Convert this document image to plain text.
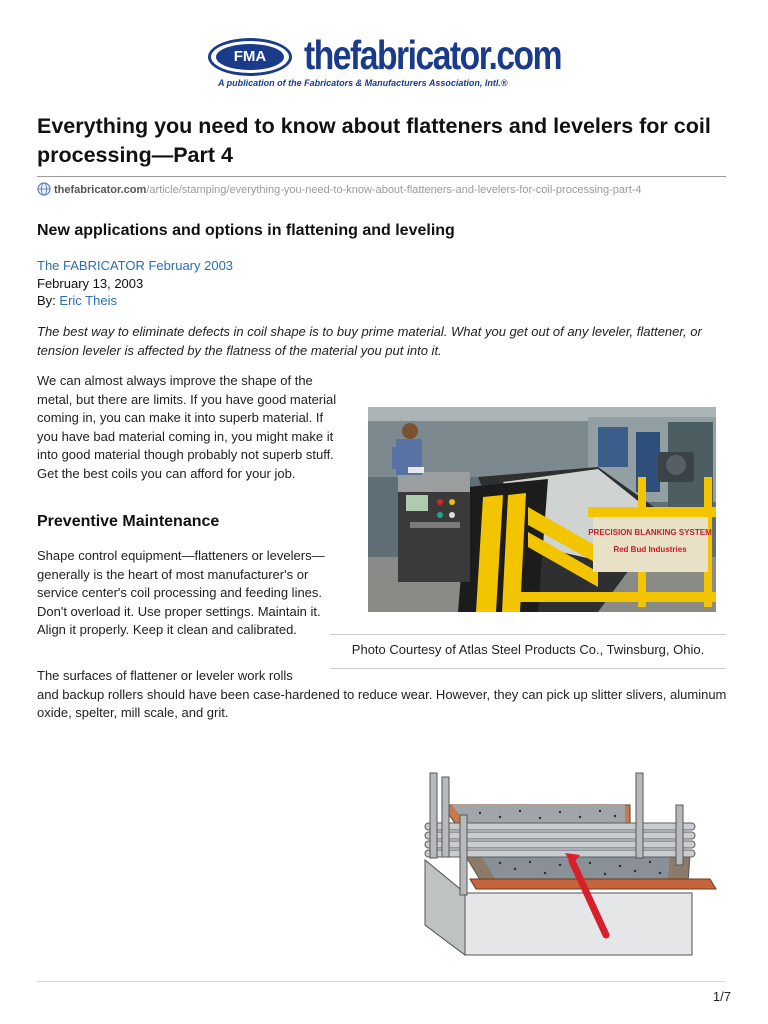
FMA thefabricator.com
A publication of the Fabricators & Manufacturers Association, Intl.®
Everything you need to know about flatteners and levelers for coil processing—Part 4
thefabricator.com/article/stamping/everything-you-need-to-know-about-flatteners-and-levelers-for-coil-processing-part-4
New applications and options in flattening and leveling
The FABRICATOR February 2003
February 13, 2003
By: Eric Theis
The best way to eliminate defects in coil shape is to buy prime material. What you get out of any leveler, flattener, or tension leveler is affected by the flatness of the material you put into it.
We can almost always improve the shape of the metal, but there are limits. If you have good material coming in, you can make it into superb material. If you have bad material coming in, you might make it into good material though probably not superb stuff. Get the best coils you can afford for your job.
Preventive Maintenance
Shape control equipment—flatteners or levelers—generally is the heart of most manufacturer's or service center's coil processing and feeding lines. Don't overload it. Use proper settings. Maintain it. Align it properly. Keep it clean and calibrated.
The surfaces of flattener or leveler work rolls
and backup rollers should have been case-hardened to reduce wear. However, they can pick up slitter slivers, aluminum oxide, spelter, mill scale, and grit.
PRECISION BLANKING SYSTEM
Red Bud Industries
Photo Courtesy of Atlas Steel Products Co., Twinsburg, Ohio.
1/7
